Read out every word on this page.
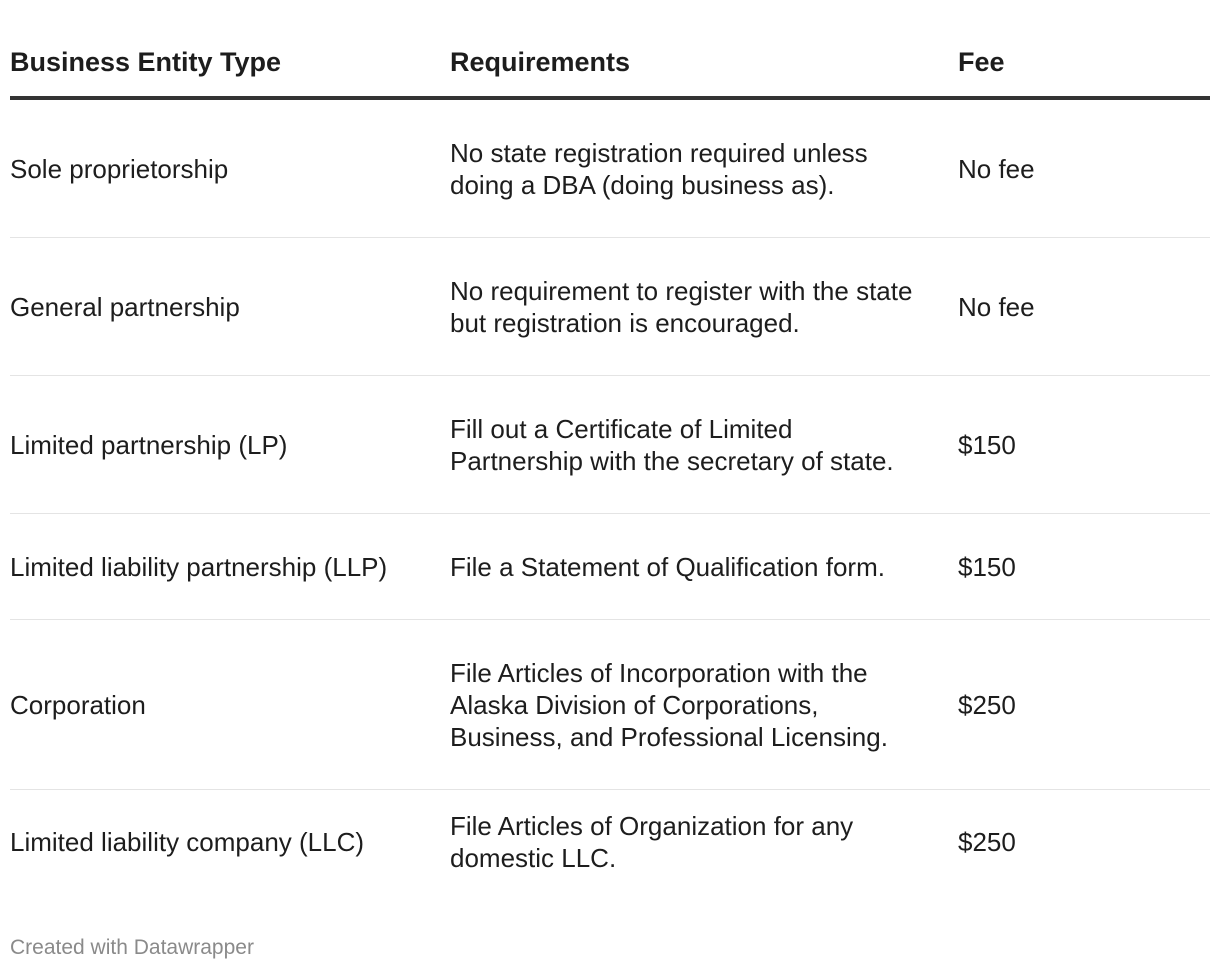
Business Entity Type	Requirements	Fee
Sole proprietorship	No state registration required unless doing a DBA (doing business as).	No fee
General partnership	No requirement to register with the state but registration is encouraged.	No fee
Limited partnership (LP)	Fill out a Certificate of Limited Partnership with the secretary of state.	$150
Limited liability partnership (LLP)	File a Statement of Qualification form.	$150
Corporation	File Articles of Incorporation with the Alaska Division of Corporations, Business, and Professional Licensing.	$250
Limited liability company (LLC)	File Articles of Organization for any domestic LLC.	$250
Created with Datawrapper
